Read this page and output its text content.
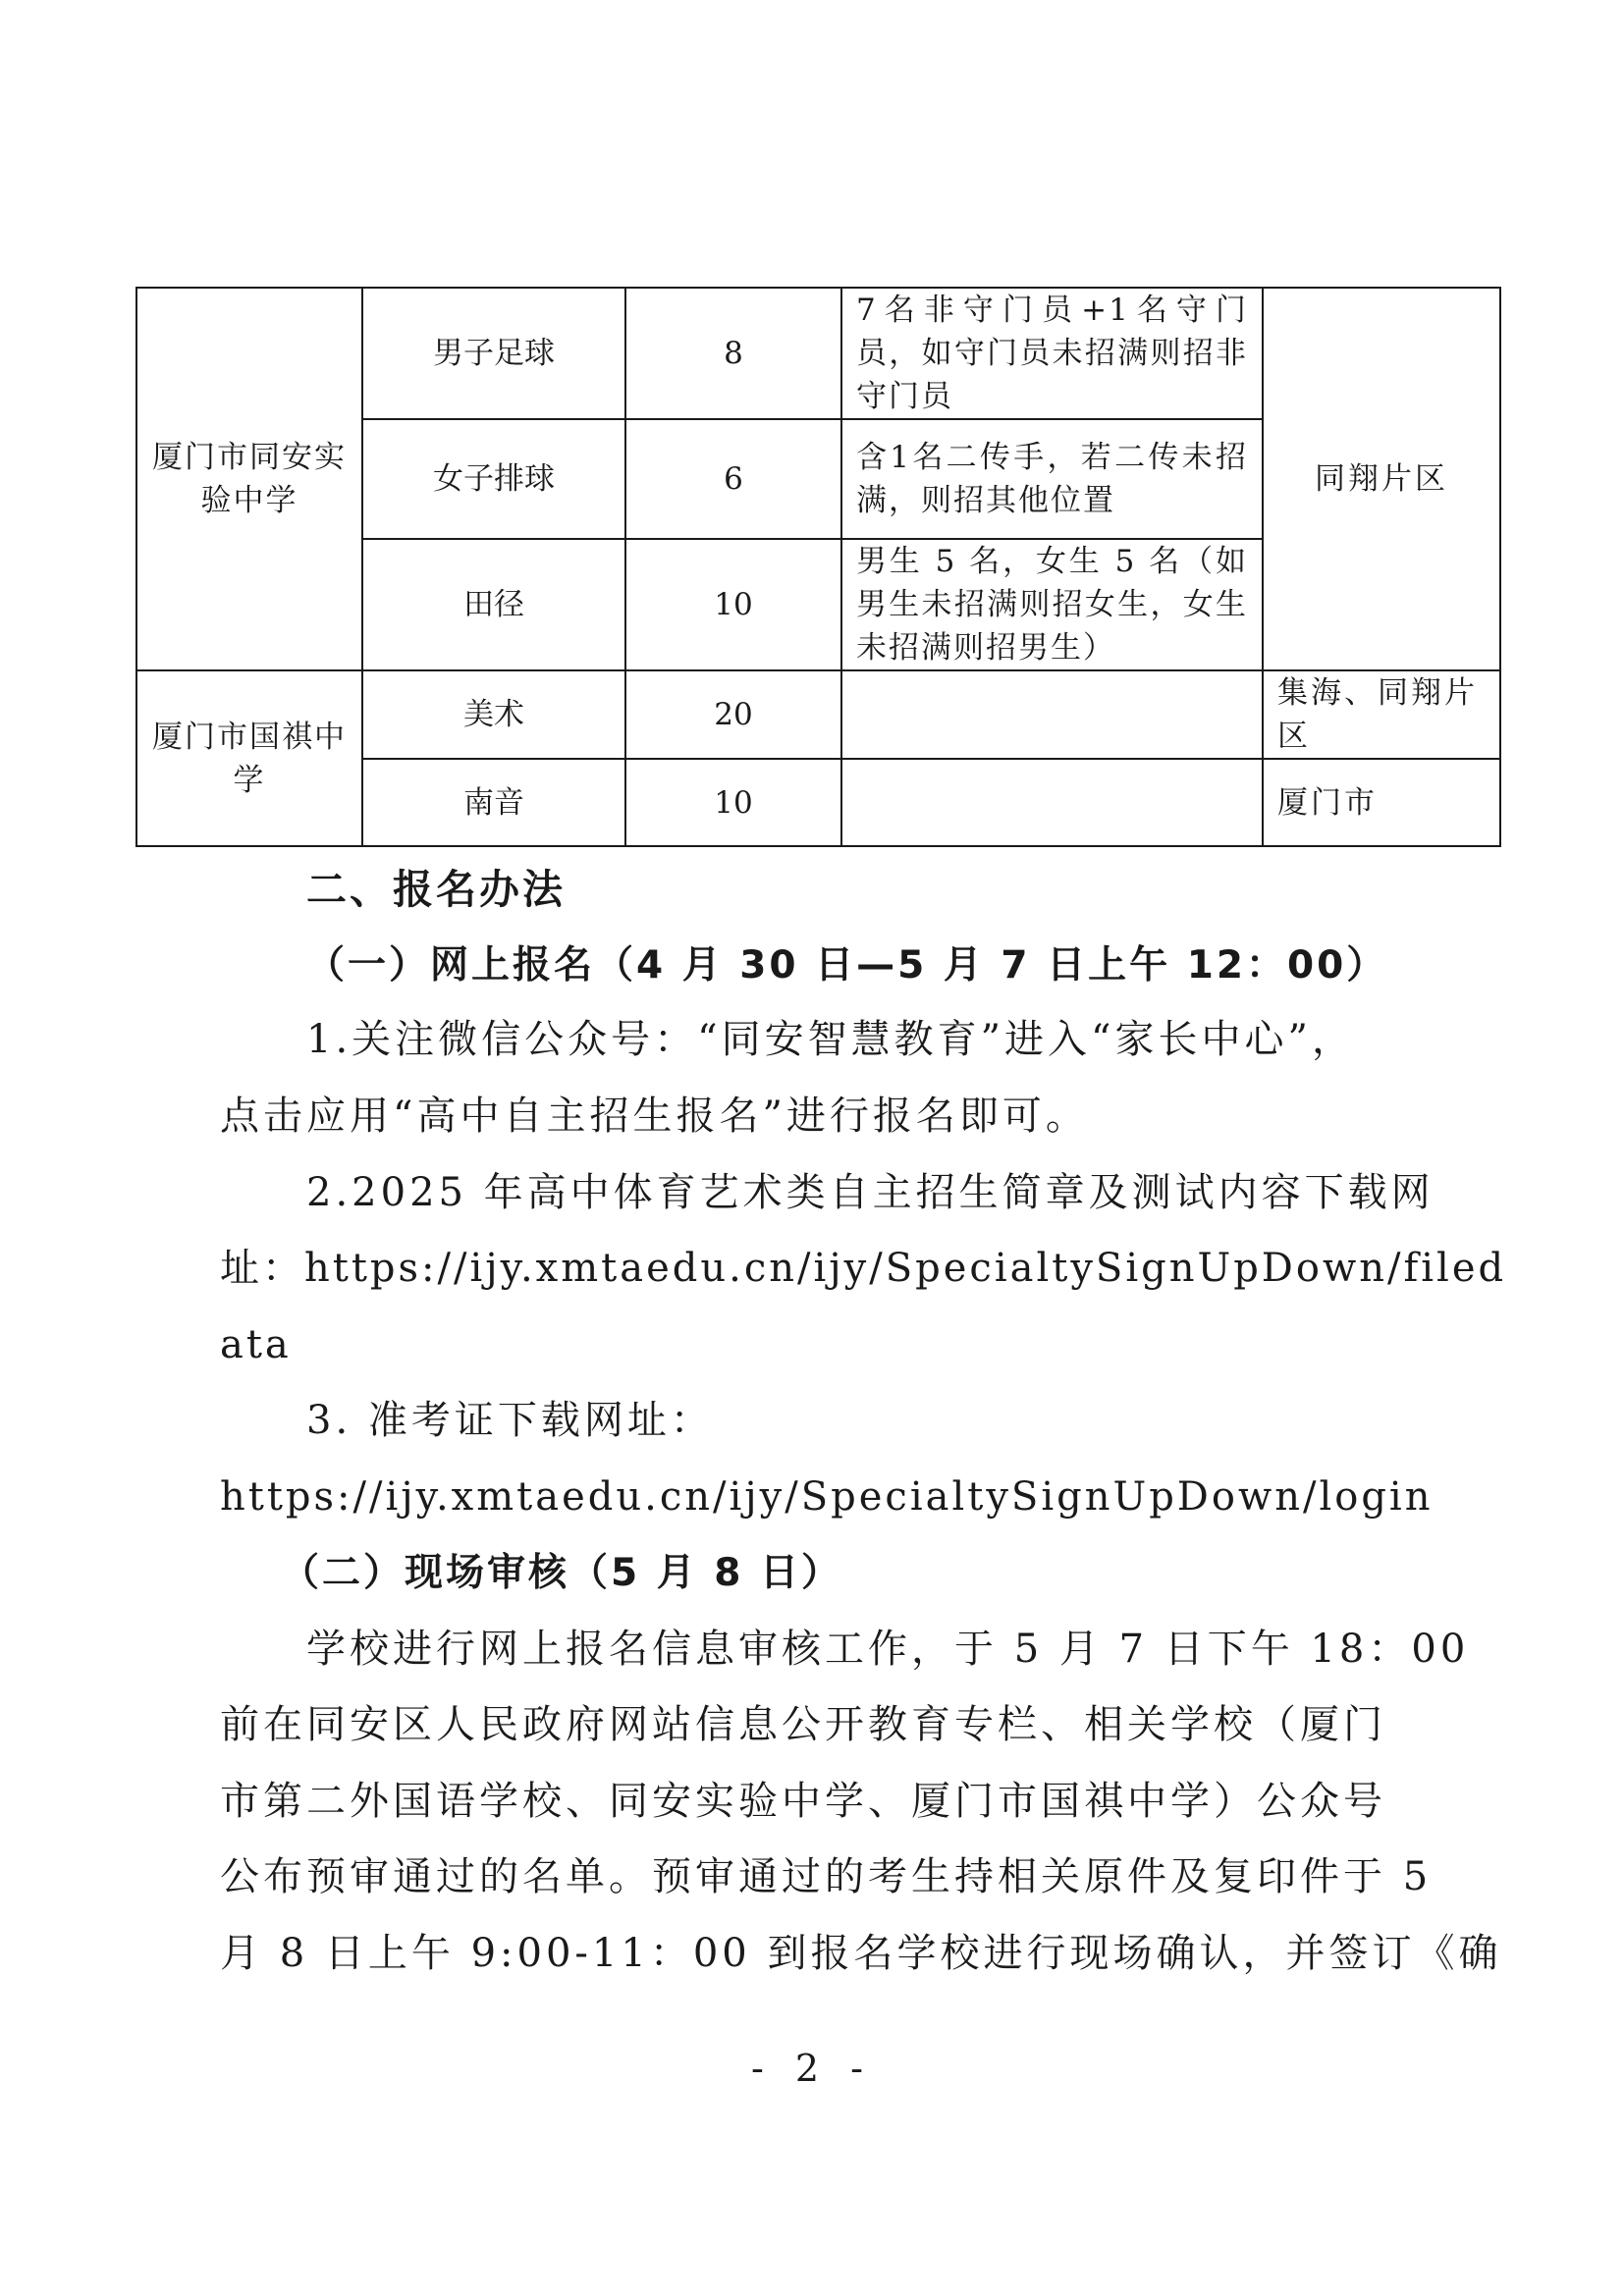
厦门市同安实验中学	男子足球	8	7名非守门员+1名守门员，如守门员未招满则招非守门员	同翔片区
	女子排球	6	含1名二传手，若二传未招满，则招其他位置	
	田径	10	男生 5 名，女生 5 名（如男生未招满则招女生，女生未招满则招男生）	
厦门市国祺中学	美术	20		集海、同翔片区
	南音	10		厦门市
二、报名办法
（一）网上报名（4 月 30 日—5 月 7 日上午 12：00）
1.关注微信公众号：“同安智慧教育”进入“家长中心”，
点击应用“高中自主招生报名”进行报名即可。
2.2025 年高中体育艺术类自主招生简章及测试内容下载网
址：https://ijy.xmtaedu.cn/ijy/SpecialtySignUpDown/filed
ata
3. 准考证下载网址：
https://ijy.xmtaedu.cn/ijy/SpecialtySignUpDown/login
（二）现场审核（5 月 8 日）
学校进行网上报名信息审核工作，于 5 月 7 日下午 18：00
前在同安区人民政府网站信息公开教育专栏、相关学校（厦门
市第二外国语学校、同安实验中学、厦门市国祺中学）公众号
公布预审通过的名单。预审通过的考生持相关原件及复印件于 5
月 8 日上午 9:00-11：00 到报名学校进行现场确认，并签订《确
- 2 -
